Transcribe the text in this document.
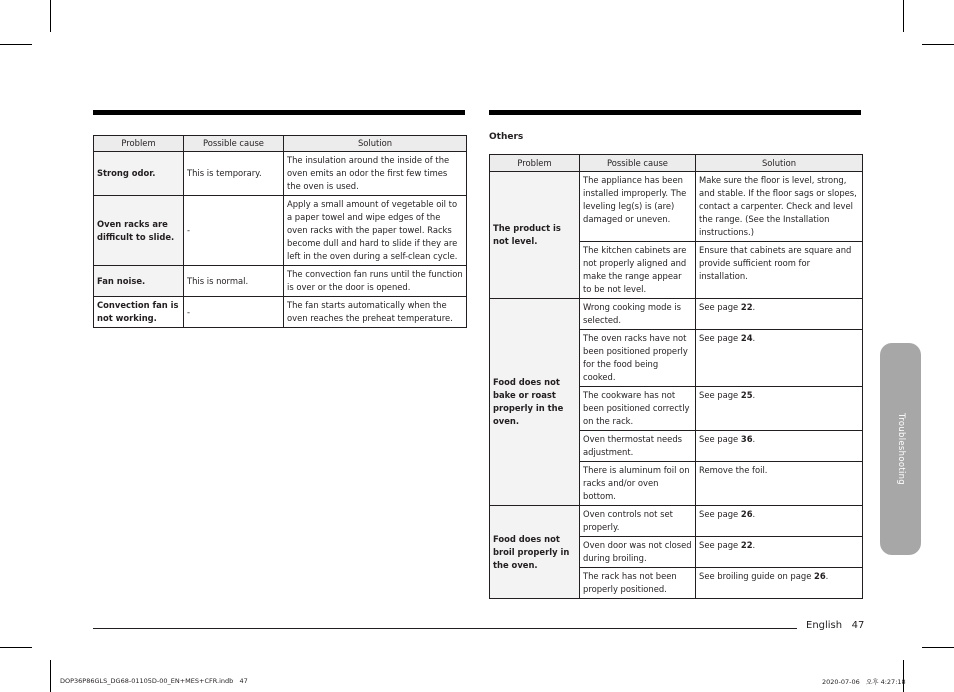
Problem	Possible cause	Solution
Strong odor.	This is temporary.	The insulation around the inside of the oven emits an odor the first few times the oven is used.
Oven racks are difficult to slide.	-	Apply a small amount of vegetable oil to a paper towel and wipe edges of the oven racks with the paper towel. Racks become dull and hard to slide if they are left in the oven during a self-clean cycle.
Fan noise.	This is normal.	The convection fan runs until the function is over or the door is opened.
Convection fan is not working.	-	The fan starts automatically when the oven reaches the preheat temperature.
Others
Problem	Possible cause	Solution
The product is not level.	The appliance has been installed improperly. The leveling leg(s) is (are) damaged or uneven.	Make sure the floor is level, strong, and stable. If the floor sags or slopes, contact a carpenter. Check and level the range. (See the Installation instructions.)
	The kitchen cabinets are not properly aligned and make the range appear to be not level.	Ensure that cabinets are square and provide sufficient room for installation.
Food does not bake or roast properly in the oven.	Wrong cooking mode is selected.	See page 22.
	The oven racks have not been positioned properly for the food being cooked.	See page 24.
	The cookware has not been positioned correctly on the rack.	See page 25.
	Oven thermostat needs adjustment.	See page 36.
	There is aluminum foil on racks and/or oven bottom.	Remove the foil.
Food does not broil properly in the oven.	Oven controls not set properly.	See page 26.
	Oven door was not closed during broiling.	See page 22.
	The rack has not been properly positioned.	See broiling guide on page 26.
Troubleshooting
English 47
DOP36P86GLS_DG68-01105D-00_EN+MES+CFR.indb   47	2020-07-06   오후 4:27:18
